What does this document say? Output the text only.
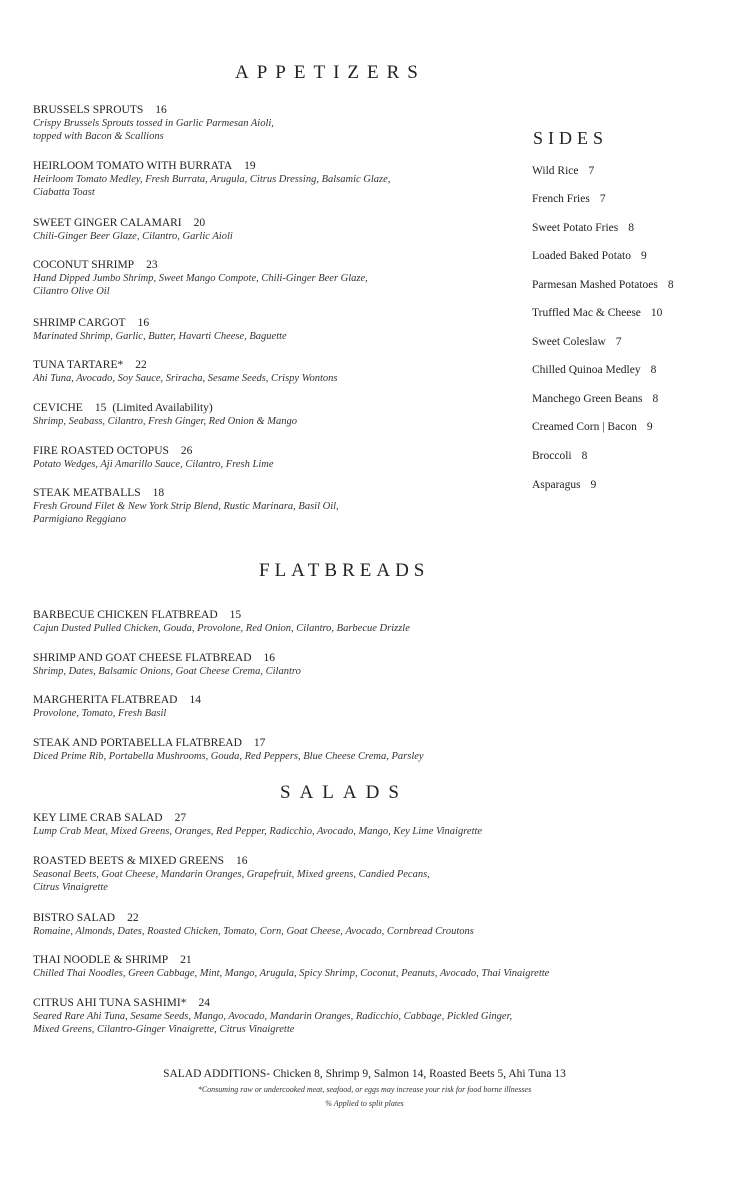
APPETIZERS
BRUSSELS SPROUTS 16
Crispy Brussels Sprouts tossed in Garlic Parmesan Aioli,
topped with Bacon & Scallions
HEIRLOOM TOMATO WITH BURRATA 19
Heirloom Tomato Medley, Fresh Burrata, Arugula, Citrus Dressing, Balsamic Glaze,
Ciabatta Toast
SWEET GINGER CALAMARI 20
Chili-Ginger Beer Glaze, Cilantro, Garlic Aioli
COCONUT SHRIMP 23
Hand Dipped Jumbo Shrimp, Sweet Mango Compote, Chili-Ginger Beer Glaze,
Cilantro Olive Oil
SHRIMP CARGOT 16
Marinated Shrimp, Garlic, Butter, Havarti Cheese, Baguette
TUNA TARTARE* 22
Ahi Tuna, Avocado, Soy Sauce, Sriracha, Sesame Seeds, Crispy Wontons
CEVICHE 15 (Limited Availability)
Shrimp, Seabass, Cilantro, Fresh Ginger, Red Onion & Mango
FIRE ROASTED OCTOPUS 26
Potato Wedges, Aji Amarillo Sauce, Cilantro, Fresh Lime
STEAK MEATBALLS 18
Fresh Ground Filet & New York Strip Blend, Rustic Marinara, Basil Oil,
Parmigiano Reggiano
SIDES
Wild Rice 7
French Fries 7
Sweet Potato Fries 8
Loaded Baked Potato 9
Parmesan Mashed Potatoes 8
Truffled Mac & Cheese 10
Sweet Coleslaw 7
Chilled Quinoa Medley 8
Manchego Green Beans 8
Creamed Corn | Bacon 9
Broccoli 8
Asparagus 9
FLATBREADS
BARBECUE CHICKEN FLATBREAD 15
Cajun Dusted Pulled Chicken, Gouda, Provolone, Red Onion, Cilantro, Barbecue Drizzle
SHRIMP AND GOAT CHEESE FLATBREAD 16
Shrimp, Dates, Balsamic Onions, Goat Cheese Crema, Cilantro
MARGHERITA FLATBREAD 14
Provolone, Tomato, Fresh Basil
STEAK AND PORTABELLA FLATBREAD 17
Diced Prime Rib, Portabella Mushrooms, Gouda, Red Peppers, Blue Cheese Crema, Parsley
SALADS
KEY LIME CRAB SALAD 27
Lump Crab Meat, Mixed Greens, Oranges, Red Pepper, Radicchio, Avocado, Mango, Key Lime Vinaigrette
ROASTED BEETS & MIXED GREENS 16
Seasonal Beets, Goat Cheese, Mandarin Oranges, Grapefruit, Mixed greens, Candied Pecans,
Citrus Vinaigrette
BISTRO SALAD 22
Romaine, Almonds, Dates, Roasted Chicken, Tomato, Corn, Goat Cheese, Avocado, Cornbread Croutons
THAI NOODLE & SHRIMP 21
Chilled Thai Noodles, Green Cabbage, Mint, Mango, Arugula, Spicy Shrimp, Coconut, Peanuts, Avocado, Thai Vinaigrette
CITRUS AHI TUNA SASHIMI* 24
Seared Rare Ahi Tuna, Sesame Seeds, Mango, Avocado, Mandarin Oranges, Radicchio, Cabbage, Pickled Ginger,
Mixed Greens, Cilantro-Ginger Vinaigrette, Citrus Vinaigrette
SALAD ADDITIONS- Chicken 8, Shrimp 9, Salmon 14, Roasted Beets 5, Ahi Tuna 13
*Consuming raw or undercooked meat, seafood, or eggs may increase your risk for food borne illnesses
% Applied to split plates
